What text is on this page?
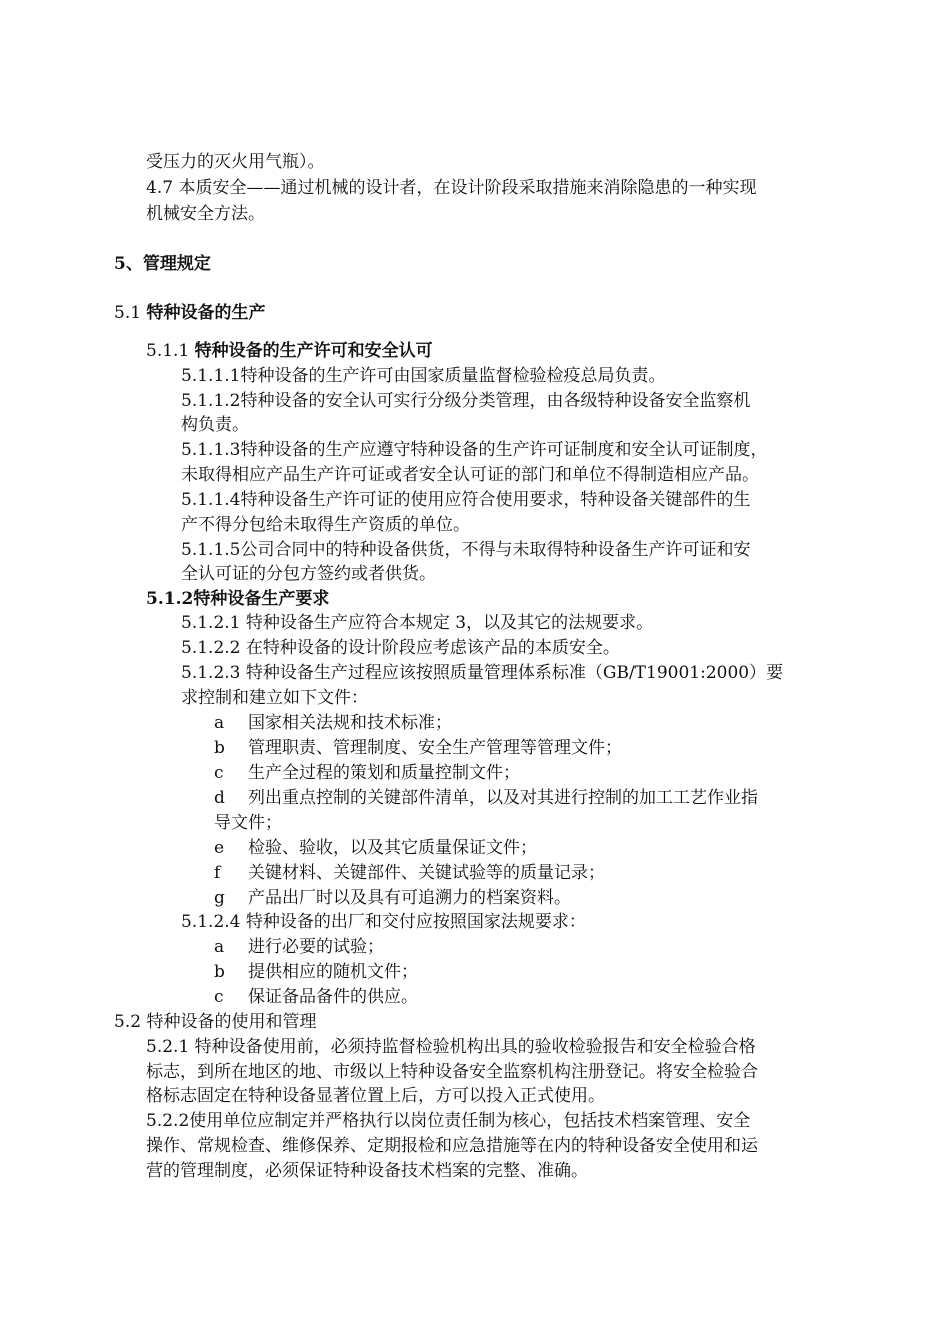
受压力的灭火用气瓶）。
4.7 本质安全——通过机械的设计者，在设计阶段采取措施来消除隐患的一种实现
机械安全方法。
5、管理规定
5.1 特种设备的生产
5.1.1 特种设备的生产许可和安全认可
5.1.1.1特种设备的生产许可由国家质量监督检验检疫总局负责。
5.1.1.2特种设备的安全认可实行分级分类管理，由各级特种设备安全监察机
构负责。
5.1.1.3特种设备的生产应遵守特种设备的生产许可证制度和安全认可证制度，
未取得相应产品生产许可证或者安全认可证的部门和单位不得制造相应产品。
5.1.1.4特种设备生产许可证的使用应符合使用要求，特种设备关键部件的生
产不得分包给未取得生产资质的单位。
5.1.1.5公司合同中的特种设备供货，不得与未取得特种设备生产许可证和安
全认可证的分包方签约或者供货。
5.1.2特种设备生产要求
5.1.2.1 特种设备生产应符合本规定 3，以及其它的法规要求。
5.1.2.2 在特种设备的设计阶段应考虑该产品的本质安全。
5.1.2.3 特种设备生产过程应该按照质量管理体系标准（GB/T19001:2000）要
求控制和建立如下文件：
a 国家相关法规和技术标准；
b 管理职责、管理制度、安全生产管理等管理文件；
c 生产全过程的策划和质量控制文件；
d 列出重点控制的关键部件清单，以及对其进行控制的加工工艺作业指
导文件；
e 检验、验收，以及其它质量保证文件；
f 关键材料、关键部件、关键试验等的质量记录；
g 产品出厂时以及具有可追溯力的档案资料。
5.1.2.4 特种设备的出厂和交付应按照国家法规要求：
a 进行必要的试验；
b 提供相应的随机文件；
c 保证备品备件的供应。
5.2 特种设备的使用和管理
5.2.1 特种设备使用前，必须持监督检验机构出具的验收检验报告和安全检验合格
标志，到所在地区的地、市级以上特种设备安全监察机构注册登记。将安全检验合
格标志固定在特种设备显著位置上后，方可以投入正式使用。
5.2.2使用单位应制定并严格执行以岗位责任制为核心，包括技术档案管理、安全
操作、常规检查、维修保养、定期报检和应急措施等在内的特种设备安全使用和运
营的管理制度，必须保证特种设备技术档案的完整、准确。
